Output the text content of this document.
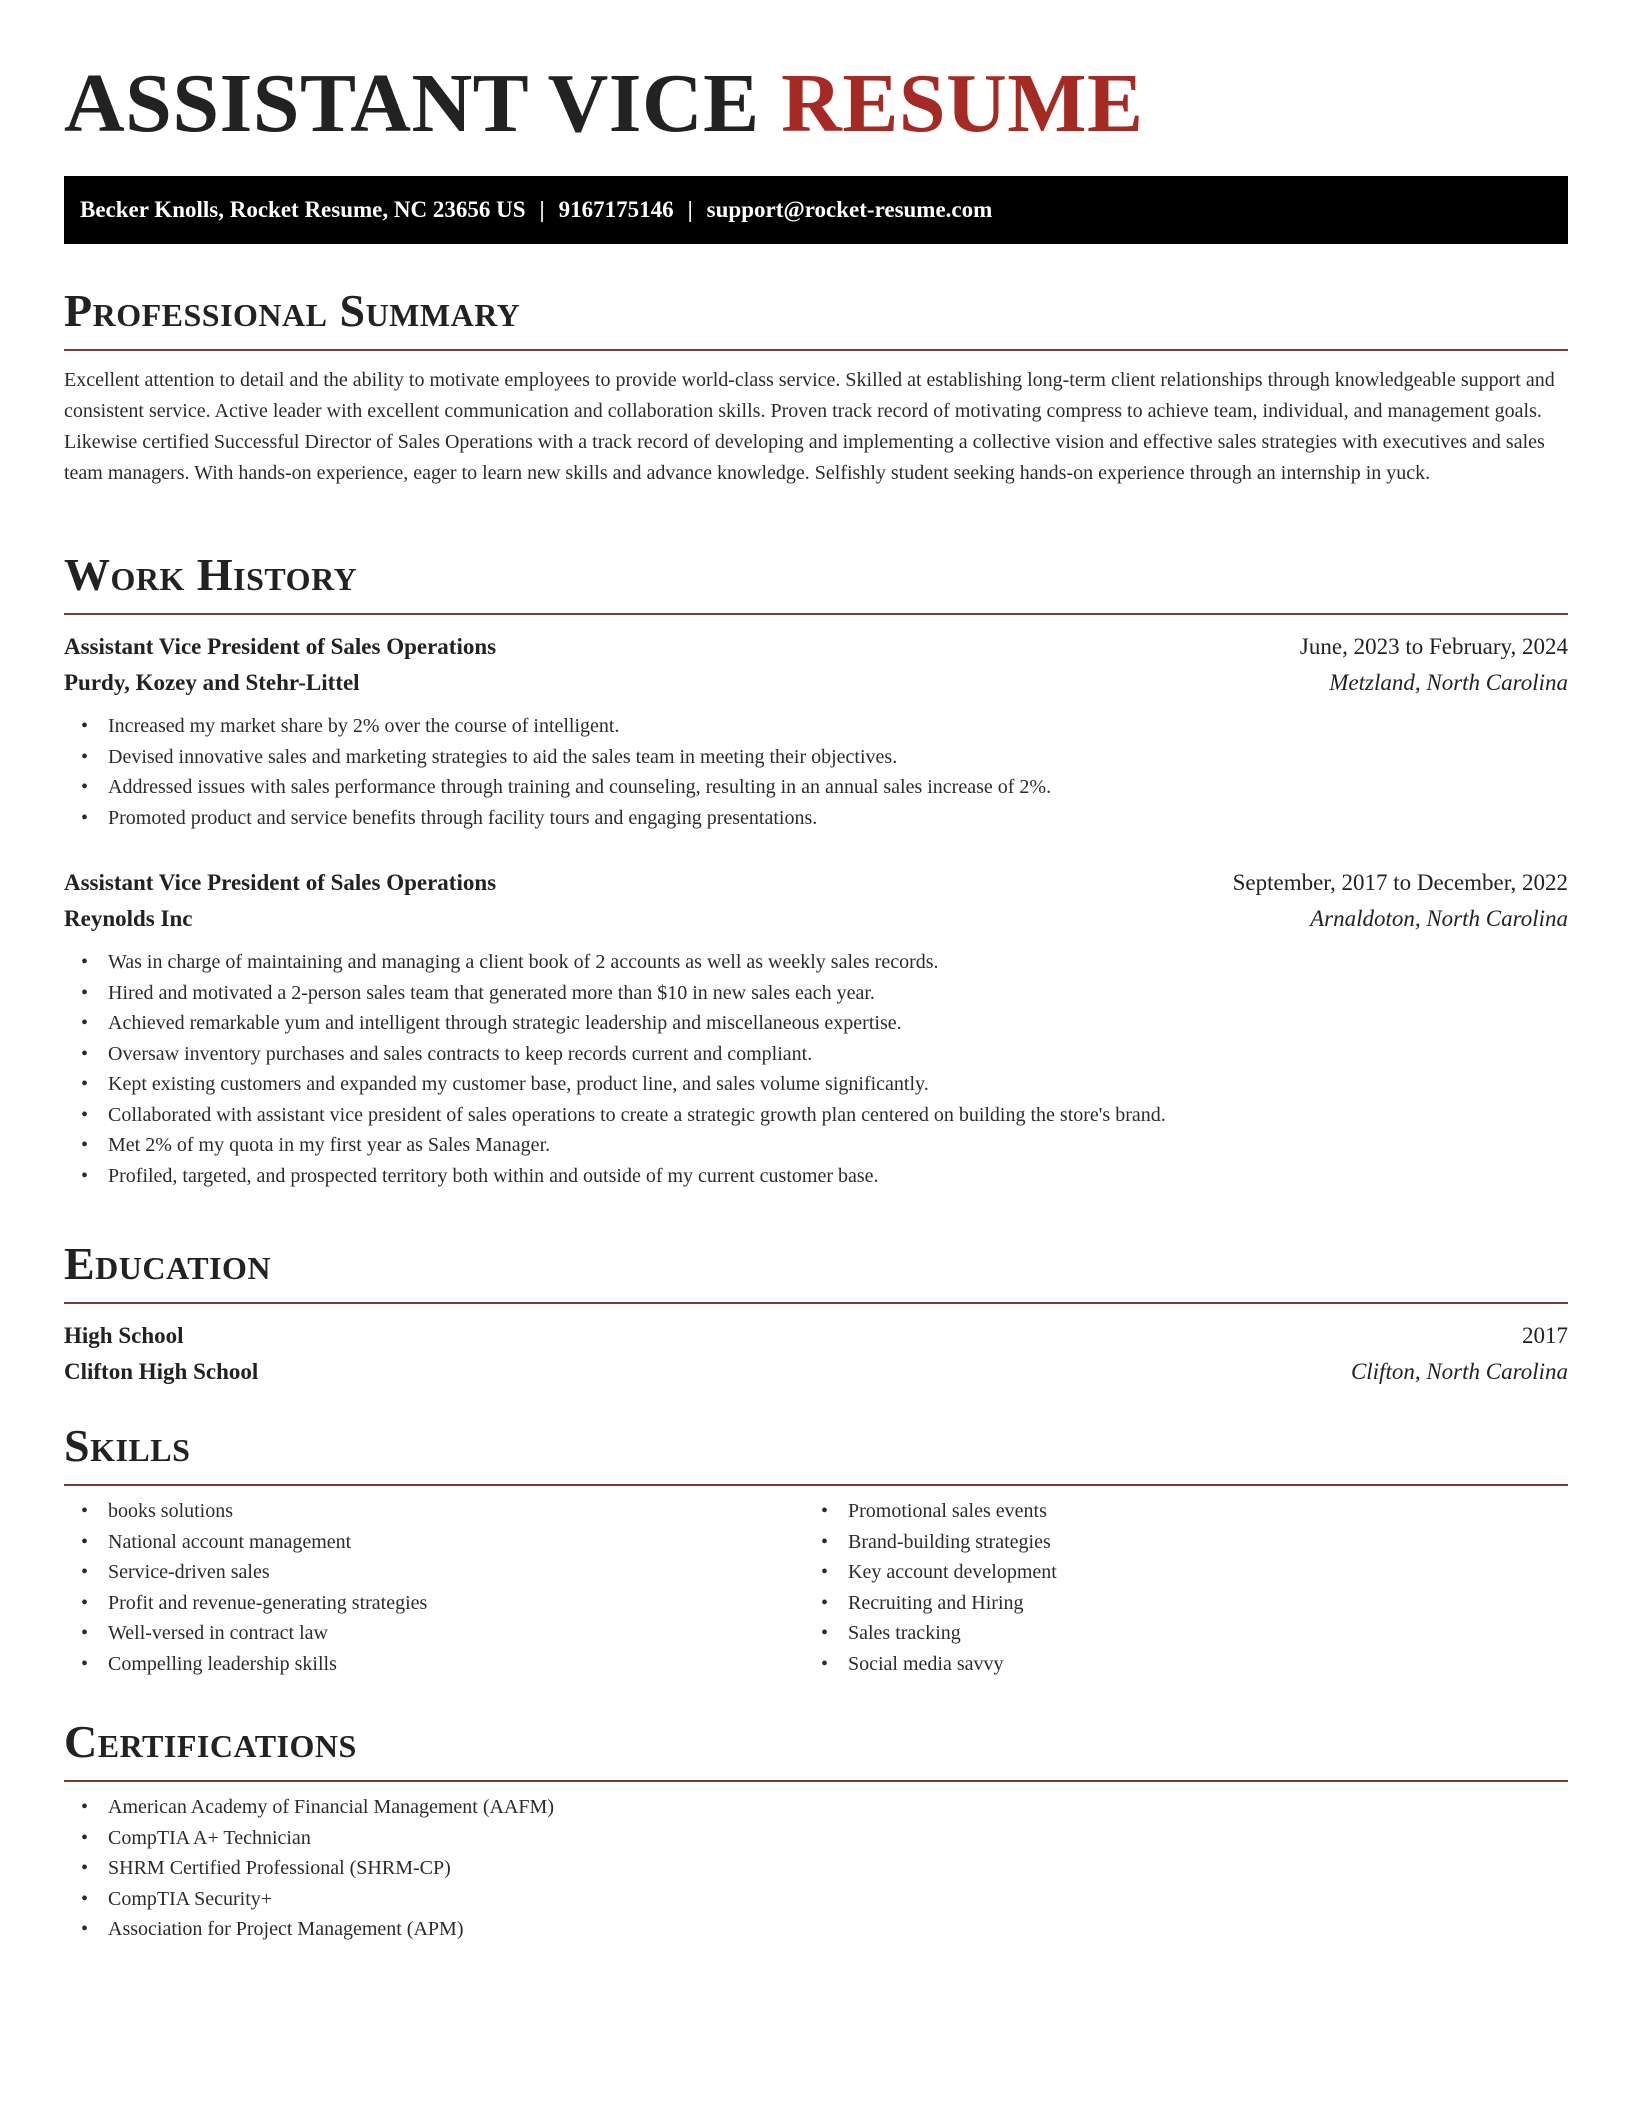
ASSISTANT VICE RESUME
Becker Knolls, Rocket Resume, NC 23656 US | 9167175146 | support@rocket-resume.com
Professional Summary

Excellent attention to detail and the ability to motivate employees to provide world-class service. Skilled at establishing long-term client relationships through knowledgeable support and consistent service. Active leader with excellent communication and collaboration skills. Proven track record of motivating compress to achieve team, individual, and management goals. Likewise certified Successful Director of Sales Operations with a track record of developing and implementing a collective vision and effective sales strategies with executives and sales team managers. With hands-on experience, eager to learn new skills and advance knowledge. Selfishly student seeking hands-on experience through an internship in yuck.

Work History
Assistant Vice President of Sales Operations	June, 2023 to February, 2024
Purdy, Kozey and Stehr-Littel	Metzland, North Carolina
• Increased my market share by 2% over the course of intelligent.
• Devised innovative sales and marketing strategies to aid the sales team in meeting their objectives.
• Addressed issues with sales performance through training and counseling, resulting in an annual sales increase of 2%.
• Promoted product and service benefits through facility tours and engaging presentations.
Assistant Vice President of Sales Operations	September, 2017 to December, 2022
Reynolds Inc	Arnaldoton, North Carolina
• Was in charge of maintaining and managing a client book of 2 accounts as well as weekly sales records.
• Hired and motivated a 2-person sales team that generated more than $10 in new sales each year.
• Achieved remarkable yum and intelligent through strategic leadership and miscellaneous expertise.
• Oversaw inventory purchases and sales contracts to keep records current and compliant.
• Kept existing customers and expanded my customer base, product line, and sales volume significantly.
• Collaborated with assistant vice president of sales operations to create a strategic growth plan centered on building the store's brand.
• Met 2% of my quota in my first year as Sales Manager.
• Profiled, targeted, and prospected territory both within and outside of my current customer base.
Education
High School	2017
Clifton High School	Clifton, North Carolina
Skills
• books solutions
• National account management
• Service-driven sales
• Profit and revenue-generating strategies
• Well-versed in contract law
• Compelling leadership skills
• Promotional sales events
• Brand-building strategies
• Key account development
• Recruiting and Hiring
• Sales tracking
• Social media savvy
Certifications
• American Academy of Financial Management (AAFM)
• CompTIA A+ Technician
• SHRM Certified Professional (SHRM-CP)
• CompTIA Security+
• Association for Project Management (APM)
